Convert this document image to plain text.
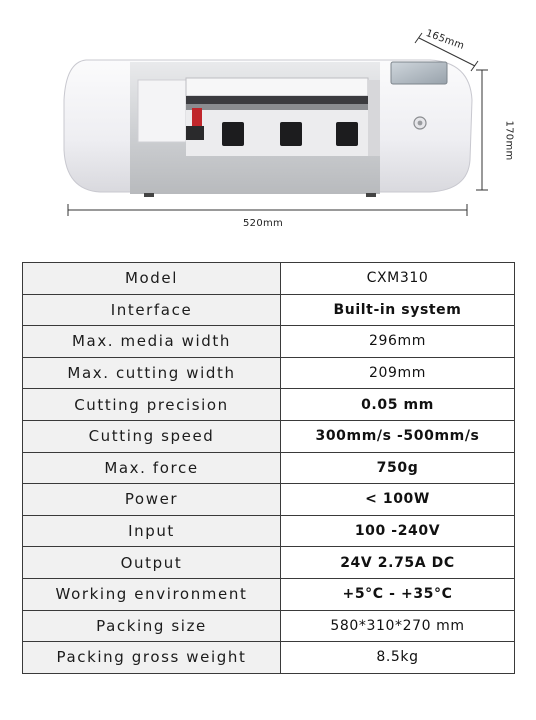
520mm
165mm
170mm
Model	CXM310
Interface	Built-in system
Max. media width	296mm
Max. cutting width	209mm
Cutting precision	0.05 mm
Cutting speed	300mm/s -500mm/s
Max. force	750g
Power	< 100W
Input	100 -240V
Output	24V 2.75A DC
Working environment	+5°C - +35°C
Packing size	580*310*270 mm
Packing gross weight	8.5kg
